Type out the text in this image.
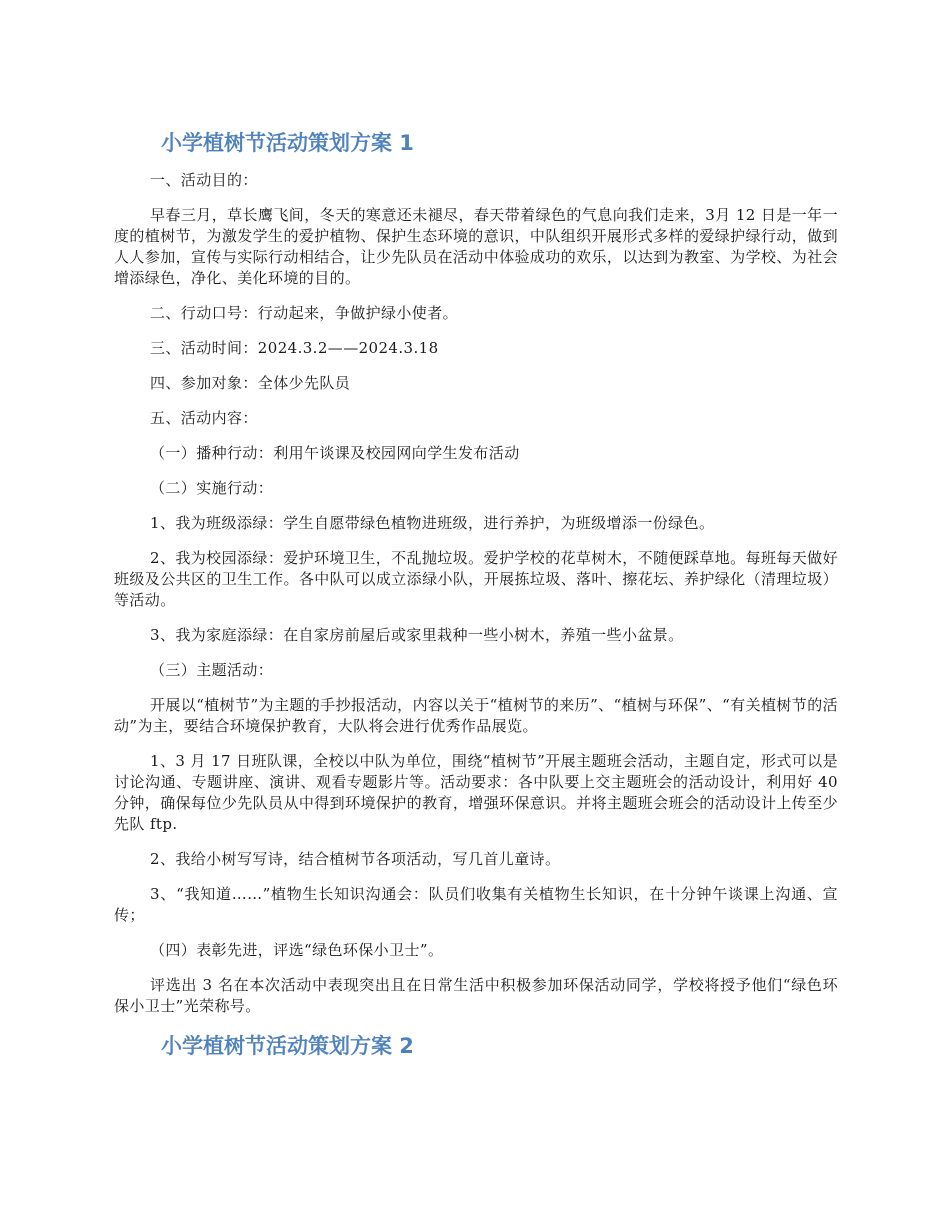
小学植树节活动策划方案 1

一、活动目的：

早春三月，草长鹰飞间，冬天的寒意还未褪尽，春天带着绿色的气息向我们走来，3月 12 日是一年一度的植树节，为激发学生的爱护植物、保护生态环境的意识，中队组织开展形式多样的爱绿护绿行动，做到人人参加，宣传与实际行动相结合，让少先队员在活动中体验成功的欢乐，以达到为教室、为学校、为社会增添绿色，净化、美化环境的目的。

二、行动口号：行动起来，争做护绿小使者。

三、活动时间：2024.3.2——2024.3.18

四、参加对象：全体少先队员

五、活动内容：

（一）播种行动：利用午谈课及校园网向学生发布活动

（二）实施行动：

1、我为班级添绿：学生自愿带绿色植物进班级，进行养护，为班级增添一份绿色。

2、我为校园添绿：爱护环境卫生，不乱抛垃圾。爱护学校的花草树木，不随便踩草地。每班每天做好班级及公共区的卫生工作。各中队可以成立添绿小队，开展拣垃圾、落叶、擦花坛、养护绿化（清理垃圾）等活动。

3、我为家庭添绿：在自家房前屋后或家里栽种一些小树木，养殖一些小盆景。

（三）主题活动：

开展以“植树节”为主题的手抄报活动，内容以关于“植树节的来历”、“植树与环保”、“有关植树节的活动”为主，要结合环境保护教育，大队将会进行优秀作品展览。

1、3 月 17 日班队课，全校以中队为单位，围绕“植树节”开展主题班会活动，主题自定，形式可以是讨论沟通、专题讲座、演讲、观看专题影片等。活动要求：各中队要上交主题班会的活动设计，利用好 40 分钟，确保每位少先队员从中得到环境保护的教育，增强环保意识。并将主题班会班会的活动设计上传至少先队 ftp.

2、我给小树写写诗，结合植树节各项活动，写几首儿童诗。

3、“我知道……”植物生长知识沟通会：队员们收集有关植物生长知识，在十分钟午谈课上沟通、宣传；

（四）表彰先进，评选“绿色环保小卫士”。

评选出 3 名在本次活动中表现突出且在日常生活中积极参加环保活动同学，学校将授予他们“绿色环保小卫士”光荣称号。

小学植树节活动策划方案 2
